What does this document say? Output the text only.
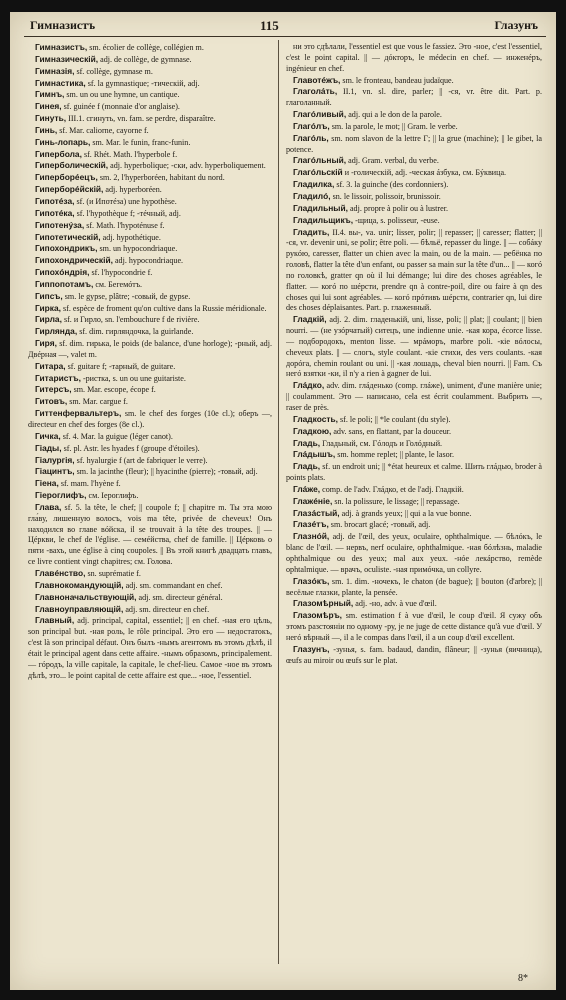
Гимназистъ	115	Глазунъ

Гимназистъ, sm. écolier de collège, collégien m.

Гимназическiй, adj. de collège, de gymnase.

Гимназiя, sf. collège, gymnase m.

Гимнастика, sf. la gymnastique; -тическiй, adj.

Гимнъ, sm. un ou une hymne, un cantique.

Гинея, sf. guinée f (monnaie d'or anglaise).

Гинуть, III.1. сгинуть, vn. fam. se perdre, disparaître.

Гинь, sf. Mar. caliorne, cayorne f.

Гинь-лопарь, sm. Mar. le funin, franc-funin.

Гипербола, sf. Rhét. Math. l'hyperbole f.

Гиперболическiй, adj. hyperbolique; -ски, adv. hyperboliquement.

Гиперборéецъ, sm. 2, l'hyperboréen, habitant du nord.

Гиперборéйскiй, adj. hyperboréen.

Гипотéза, sf. (и Ипотéза) une hypothèse.

Гипотéка, sf. l'hypothèque f; -тéчный, adj.

Гипотенýза, sf. Math. l'hypoténuse f.

Гипотетическiй, adj. hypothétique.

Гипохондрикъ, sm. un hypocondriaque.

Гипохондрическiй, adj. hypocondriaque.

Гипохóндрiя, sf. l'hypocondrie f.

Гиппопотамъ, см. Бегемóтъ.

Гипсъ, sm. le gypse, plâtre; -совый, de gypse.

Гирка, sf. espèce de froment qu'on cultive dans la Russie méridionale.

Гирла, sf. и Гирло, sn. l'embouchure f de rivière.

Гирлянда, sf. dim. гирляндочка, la guirlande.

Гиря, sf. dim. гирька, le poids (de balance, d'une horloge); -рный, adj. Двéрная —, valet m.

Гитара, sf. guitare f; -тарный, de guitare.

Гитаристъ, -ристка, s. un ou une guitariste.

Гитерсъ, sm. Mar. escope, écope f.

Гитовъ, sm. Mar. cargue f.

Гиттенфервальтеръ, sm. le chef des forges (10e cl.); оберъ —, directeur en chef des forges (8e cl.).

Гичка, sf. 4. Mar. la guigue (léger canot).

Гiады, sf. pl. Astr. les hyades f (groupe d'étoiles).

Гiалургiя, sf. hyalurgie f (art de fabriquer le verre).

Гiацинтъ, sm. la jacinthe (fleur); || hyacinthe (pierre); -товый, adj.

Гiена, sf. mam. l'hyène f.

Гiероглифъ, см. Iероглифъ.

Глава, sf. 5. la tête, le chef; || coupole f; || chapitre m. Ты эта мою гла́ву, лишенную волосъ, vois ma tête, privée de cheveux! Онъ находился во главе вóйска, il se trouvait à la tête des troupes. || — Цéркви, le chef de l'église. — семéйства, chef de famille. || Цéрковь о пяти -вахъ, une église à cinq coupoles. || Въ этой книгѣ двадцать главъ, ce livre contient vingt chapitres; см. Голова.

Главéнство, sn. suprématie f.

Главнокомандующiй, adj. sm. commandant en chef.

Главноначальствующiй, adj. sm. directeur général.

Главноуправляющiй, adj. sm. directeur en chef.

Главный, adj. principal, capital, essentiel; || en chef. -ная его цѣль, son principal but. -ная роль, le rôle principal. Это его — недостатокъ, c'est là son principal défaut. Онъ былъ -нымъ агентомъ въ этомъ дѣлѣ, il était le principal agent dans cette affaire. -нымъ образомъ, principalement. — гóродъ, la ville capitale, la capitale, le chef-lieu. Самое -ное въ этомъ дѣлѣ, это... le point capital de cette affaire est que... -ное, l'essentiel.

ни это сдѣлали, l'essentiel est que vous le fassiez. Это -ное, c'est l'essentiel, c'est le point capital. || — дóкторъ, le médecin en chef. — инженéръ, ingénieur en chef.

Главотéжъ, sm. le fronteau, bandeau judaïque.

Глаголáть, II.1, vn. sl. dire, parler; || -ся, vr. être dit. Part. p. глаголанный.

Глагóливый, adj. qui a le don de la parole.

Глагóлъ, sm. la parole, le mot; || Gram. le verbe.

Глагóль, sm. nom slavon de la lettre Г; || la grue (machine); || le gibet, la potence.

Глагóльный, adj. Gram. verbal, du verbe.

Глагóльскiй и -голическiй, adj. -ческая áзбука, см. Бýквица.

Гладилка, sf. 3. la guinche (des cordonniers).

Гладилó, sn. le lissoir, polissoir, brunissoir.

Гладильный, adj. propre à polir ou à lustrer.

Гладильщикъ, -щица, s. polisseur, -euse.

Гладить, II.4. вы-, va. unir; lisser, polir; || repasser; || caresser; flatter; || -ся, vr. devenir uni, se polir; être poli. — бѣльё, repasser du linge. || — собáку рукóю, caresser, flatter un chien avec la main, ou de la main. — ребёнка по головѣ, flatter la tête d'un enfant, ou passer sa main sur la tête d'un... || — когó по головкѣ, gratter qn où il lui démange; lui dire des choses agréables, le flatter. — когó по шéрсти, prendre qn à contre-poil, dire ou faire à qn des choses qui lui sont agréables. — когó прóтивъ шéрсти, contrarier qn, lui dire des choses déplaisantes. Part. p. глаженный.

Гладкiй, adj. 2. dim. гладенькiй, uni, lisse, poli; || plat; || coulant; || bien nourri. — (не узóрчатый) ситецъ, une indienne unie. -кая кора, écorce lisse. — подбородокъ, menton lisse. — мрáморъ, marbre poli. -кiе вóлосы, cheveux plats. || — слогъ, style coulant. -кiе стихи, des vers coulants. -кая дорóга, chemin roulant ou uni. || -кая лошадь, cheval bien nourri. || Fam. Съ негó взятки -ки, il n'y a rien à gagner de lui.

Глáдко, adv. dim. глáденько (comp. глáже), uniment, d'une manière unie; || coulamment. Это — написано, cela est écrit coulamment. Выбрить —, raser de près.

Гладкость, sf. le poli; || *le coulant (du style).

Гладкою, adv. sans, en flattant, par la douceur.

Гладь, Гладьный, см. Гóлодъ и Голóдный.

Глáдышъ, sm. homme replet; || plante, le lasor.

Гладь, sf. un endroit uni; || *état heureux et calme. Шить глáдью, broder à points plats.

Глáже, comp. de l'adv. Глáдко, et de l'adj. Гладкiй.

Глажéнiе, sn. la polissure, le lissage; || repassage.

Глазáстый, adj. à grands yeux; || qui a la vue bonne.

Глазéтъ, sm. brocart glacé; -товый, adj.

Глазнóй, adj. de l'œil, des yeux, oculaire, ophthalmique. — бѣлóкъ, le blanc de l'œil. — нервъ, nerf oculaire, ophthalmique. -ная бóлѣзнь, maladie ophthalmique ou des yeux; mal aux yeux. -нóе лекáрство, remède ophtalmique. — врачъ, oculiste. -ная примóчка, un collyre.

Глазóкъ, sm. 1. dim. -ночекъ, le chaton (de bague); || bouton (d'arbre); || весёлые глазки, plante, la pensée.

Глазомѣрный, adj. -но, adv. à vue d'œil.

Глазомѣръ, sm. estimation f à vue d'œil, le coup d'œil. Я сужу объ этомъ разстоянiи по одному -ру, je ne juge de cette distance qu'à vue d'œil. У негó вѣрный —, il a le compas dans l'œil, il a un coup d'œil excellent.

Глазунъ, -зунья, s. fam. badaud, dandin, flâneur; || -зунья (яичница), œufs au miroir ou œufs sur le plat.

8*
